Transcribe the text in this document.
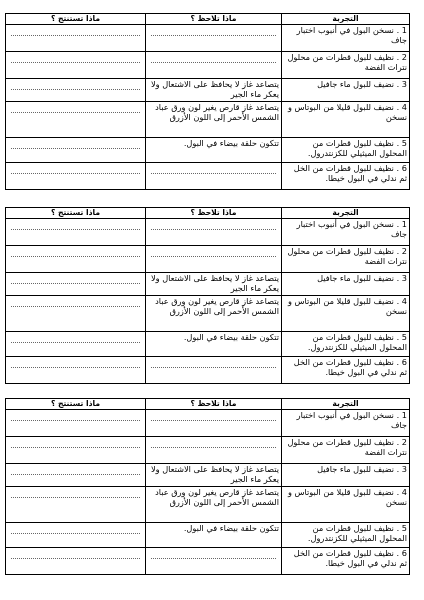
التجربة	ماذا تلاحظ ؟	ماذا تستنتج ؟
1 . نسخن البول في أنبوب اختبار جاف	

2 . نظيف للبول قطرات من محلول نترات الفضة	

3 . نضيف للبول ماء جافيل	يتصاعد غاز لا يحافظ على الاشتعال ولا يعكر ماء الجير	

4 . نضيف للبول قليلا من البوتاس و نسخن	يتصاعد غاز قارص يغير لون ورق عباد الشمس الأحمر إلى اللون الأزرق	

5 . نظيف للبول قطرات من المحلول الميثيلي للكزنتدرول.	تتكون حلقة بيضاء في البول.	

6 . نظيف للبول قطرات من الخل ثم ندلي في البول خيطا.	

التجربة	ماذا تلاحظ ؟	ماذا تستنتج ؟
1 . نسخن البول في أنبوب اختبار جاف	

2 . نظيف للبول قطرات من محلول نترات الفضة	

3 . نضيف للبول ماء جافيل	يتصاعد غاز لا يحافظ على الاشتعال ولا يعكر ماء الجير	

4 . نضيف للبول قليلا من البوتاس و نسخن	يتصاعد غاز قارص يغير لون ورق عباد الشمس الأحمر إلى اللون الأزرق	

5 . نظيف للبول قطرات من المحلول الميثيلي للكزنتدرول.	تتكون حلقة بيضاء في البول.	

6 . نظيف للبول قطرات من الخل ثم ندلي في البول خيطا.	

التجربة	ماذا تلاحظ ؟	ماذا تستنتج ؟
1 . نسخن البول في أنبوب اختبار جاف	

2 . نظيف للبول قطرات من محلول نترات الفضة	

3 . نضيف للبول ماء جافيل	يتصاعد غاز لا يحافظ على الاشتعال ولا يعكر ماء الجير	

4 . نضيف للبول قليلا من البوتاس و نسخن	يتصاعد غاز قارص يغير لون ورق عباد الشمس الأحمر إلى اللون الأزرق	

5 . نظيف للبول قطرات من المحلول الميثيلي للكزنتدرول.	تتكون حلقة بيضاء في البول.	

6 . نظيف للبول قطرات من الخل ثم ندلي في البول خيطا.	
